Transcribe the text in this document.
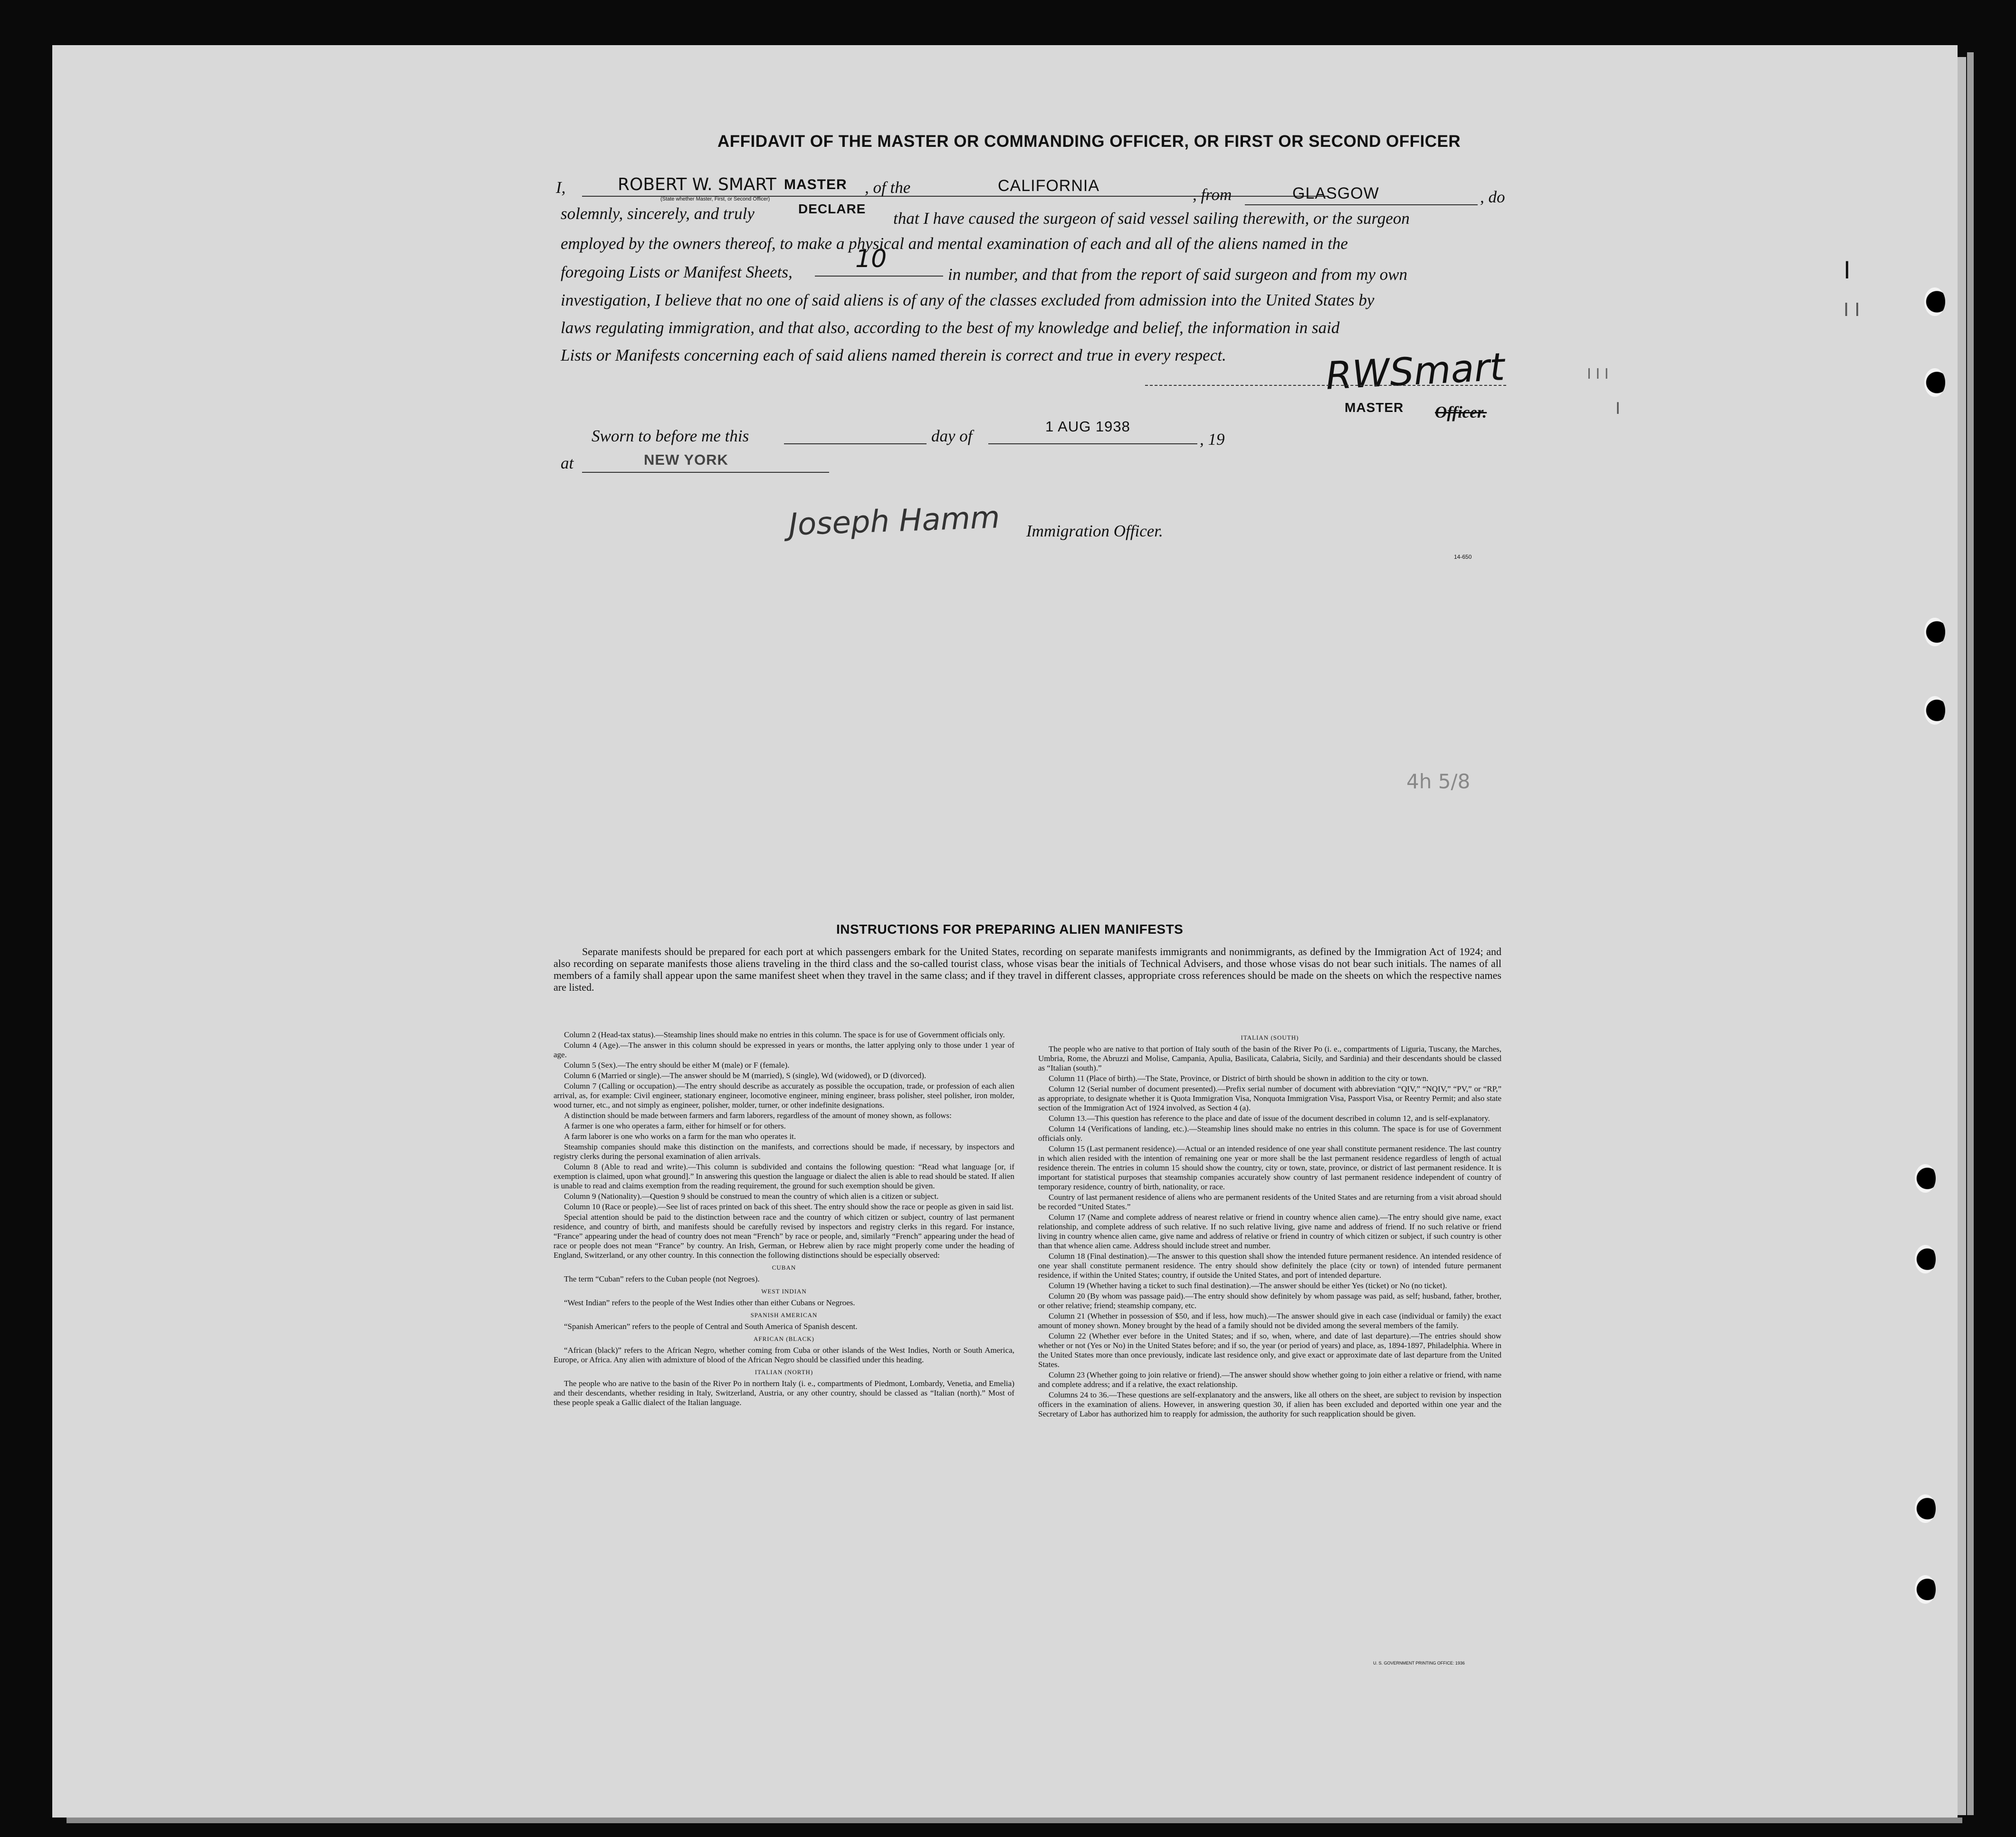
I
I I
I I I
I
4h 5/8
AFFIDAVIT OF THE MASTER OR COMMANDING OFFICER, OR FIRST OR SECOND OFFICER
I,	ROBERT W. SMART MASTER , of the	CALIFORNIA	, from	GLASGOW	, do
(State whether Master, First, or Second Officer)
solemnly, sincerely, and truly	DECLARE
that I have caused the surgeon of said vessel sailing therewith, or the surgeon
employed by the owners thereof, to make a physical and mental examination of each and all of the aliens named in the
foregoing Lists or Manifest Sheets,	10
in number, and that from the report of said surgeon and from my own
investigation, I believe that no one of said aliens is of any of the classes excluded from admission into the United States by
laws regulating immigration, and that also, according to the best of my knowledge and belief, the information in said
Lists or Manifests concerning each of said aliens named therein is correct and true in every respect.	RWSmart
MASTER Officer.
Sworn to before me this	day of
1 AUG 1938
, 19
at	NEW YORK
Joseph Hamm Immigration Officer.
14-650
INSTRUCTIONS FOR PREPARING ALIEN MANIFESTS
Separate manifests should be prepared for each port at which passengers embark for the United States, recording on separate manifests immigrants and nonimmigrants, as defined by the Immigration Act of 1924; and also recording on separate manifests those aliens traveling in the third class and the so-called tourist class, whose visas bear the initials of Technical Advisers, and those whose visas do not bear such initials. The names of all members of a family shall appear upon the same manifest sheet when they travel in the same class; and if they travel in different classes, appropriate cross references should be made on the sheets on which the respective names are listed.

Column 2 (Head-tax status).—Steamship lines should make no entries in this column. The space is for use of Government officials only.

Column 4 (Age).—The answer in this column should be expressed in years or months, the latter applying only to those under 1 year of age.

Column 5 (Sex).—The entry should be either M (male) or F (female).

Column 6 (Married or single).—The answer should be M (married), S (single), Wd (widowed), or D (divorced).

Column 7 (Calling or occupation).—The entry should describe as accurately as possible the occupation, trade, or profession of each alien arrival, as, for example: Civil engineer, stationary engineer, locomotive engineer, mining engineer, brass polisher, steel polisher, iron molder, wood turner, etc., and not simply as engineer, polisher, molder, turner, or other indefinite designations.

A distinction should be made between farmers and farm laborers, regardless of the amount of money shown, as follows:

A farmer is one who operates a farm, either for himself or for others.

A farm laborer is one who works on a farm for the man who operates it.

Steamship companies should make this distinction on the manifests, and corrections should be made, if necessary, by inspectors and registry clerks during the personal examination of alien arrivals.

Column 8 (Able to read and write).—This column is subdivided and contains the following question: “Read what language [or, if exemption is claimed, upon what ground].” In answering this question the language or dialect the alien is able to read should be stated. If alien is unable to read and claims exemption from the reading requirement, the ground for such exemption should be given.

Column 9 (Nationality).—Question 9 should be construed to mean the country of which alien is a citizen or subject.

Column 10 (Race or people).—See list of races printed on back of this sheet. The entry should show the race or people as given in said list.

Special attention should be paid to the distinction between race and the country of which citizen or subject, country of last permanent residence, and country of birth, and manifests should be carefully revised by inspectors and registry clerks in this regard. For instance, “France” appearing under the head of country does not mean “French” by race or people, and, similarly “French” appearing under the head of race or people does not mean “France” by country. An Irish, German, or Hebrew alien by race might properly come under the heading of England, Switzerland, or any other country. In this connection the following distinctions should be especially observed:

CUBAN

The term “Cuban” refers to the Cuban people (not Negroes).

WEST INDIAN

“West Indian” refers to the people of the West Indies other than either Cubans or Negroes.

SPANISH AMERICAN

“Spanish American” refers to the people of Central and South America of Spanish descent.

AFRICAN (BLACK)

“African (black)” refers to the African Negro, whether coming from Cuba or other islands of the West Indies, North or South America, Europe, or Africa. Any alien with admixture of blood of the African Negro should be classified under this heading.

ITALIAN (NORTH)

The people who are native to the basin of the River Po in northern Italy (i. e., compartments of Piedmont, Lombardy, Venetia, and Emelia) and their descendants, whether residing in Italy, Switzerland, Austria, or any other country, should be classed as “Italian (north).” Most of these people speak a Gallic dialect of the Italian language.

ITALIAN (SOUTH)

The people who are native to that portion of Italy south of the basin of the River Po (i. e., compartments of Liguria, Tuscany, the Marches, Umbria, Rome, the Abruzzi and Molise, Campania, Apulia, Basilicata, Calabria, Sicily, and Sardinia) and their descendants should be classed as “Italian (south).”

Column 11 (Place of birth).—The State, Province, or District of birth should be shown in addition to the city or town.

Column 12 (Serial number of document presented).—Prefix serial number of document with abbreviation “QIV,” “NQIV,” “PV,” or “RP,” as appropriate, to designate whether it is Quota Immigration Visa, Nonquota Immigration Visa, Passport Visa, or Reentry Permit; and also state section of the Immigration Act of 1924 involved, as Section 4 (a).

Column 13.—This question has reference to the place and date of issue of the document described in column 12, and is self-explanatory.

Column 14 (Verifications of landing, etc.).—Steamship lines should make no entries in this column. The space is for use of Government officials only.

Column 15 (Last permanent residence).—Actual or an intended residence of one year shall constitute permanent residence. The last country in which alien resided with the intention of remaining one year or more shall be the last permanent residence regardless of length of actual residence therein. The entries in column 15 should show the country, city or town, state, province, or district of last permanent residence. It is important for statistical purposes that steamship companies accurately show country of last permanent residence independent of country of temporary residence, country of birth, nationality, or race.

Country of last permanent residence of aliens who are permanent residents of the United States and are returning from a visit abroad should be recorded “United States.”

Column 17 (Name and complete address of nearest relative or friend in country whence alien came).—The entry should give name, exact relationship, and complete address of such relative. If no such relative living, give name and address of friend. If no such relative or friend living in country whence alien came, give name and address of relative or friend in country of which citizen or subject, if such country is other than that whence alien came. Address should include street and number.

Column 18 (Final destination).—The answer to this question shall show the intended future permanent residence. An intended residence of one year shall constitute permanent residence. The entry should show definitely the place (city or town) of intended future permanent residence, if within the United States; country, if outside the United States, and port of intended departure.

Column 19 (Whether having a ticket to such final destination).—The answer should be either Yes (ticket) or No (no ticket).

Column 20 (By whom was passage paid).—The entry should show definitely by whom passage was paid, as self; husband, father, brother, or other relative; friend; steamship company, etc.

Column 21 (Whether in possession of $50, and if less, how much).—The answer should give in each case (individual or family) the exact amount of money shown. Money brought by the head of a family should not be divided among the several members of the family.

Column 22 (Whether ever before in the United States; and if so, when, where, and date of last departure).—The entries should show whether or not (Yes or No) in the United States before; and if so, the year (or period of years) and place, as, 1894-1897, Philadelphia. Where in the United States more than once previously, indicate last residence only, and give exact or approximate date of last departure from the United States.

Column 23 (Whether going to join relative or friend).—The answer should show whether going to join either a relative or friend, with name and complete address; and if a relative, the exact relationship.

Columns 24 to 36.—These questions are self-explanatory and the answers, like all others on the sheet, are subject to revision by inspection officers in the examination of aliens. However, in answering question 30, if alien has been excluded and deported within one year and the Secretary of Labor has authorized him to reapply for admission, the authority for such reapplication should be given.

U. S. GOVERNMENT PRINTING OFFICE: 1936
